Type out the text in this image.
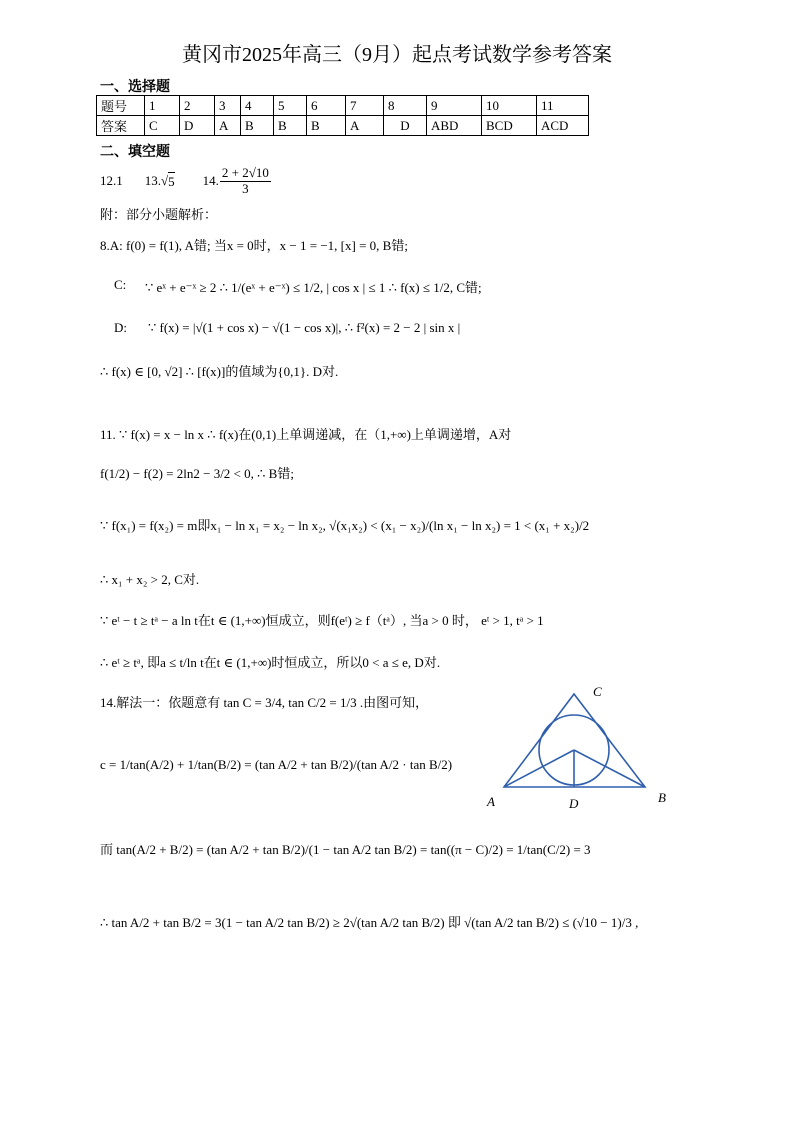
黄冈市2025年高三（9月）起点考试数学参考答案
一、选择题
题号	1	2	3	4	5	6	7	8	9	10	11
答案	C	D	A	B	B	B	A	D	ABD	BCD	ACD
二、填空题
12.1 13. √ 5 14. $\frac{2 + 2√10}{3}$
附：部分小题解析：
8.A: f(0) = f(1), A错; 当x = 0时，x − 1 = −1, [x] = 0, B错;
C: ∵ eˣ + e⁻ˣ ≥ 2 ∴ 1/(eˣ + e⁻ˣ) ≤ 1/2, | cos x | ≤ 1 ∴ f(x) ≤ 1/2, C错;
D: ∵ f(x) = |√(1 + cos x) − √(1 − cos x)|, ∴ f²(x) = 2 − 2 | sin x |
∴ f(x) ∈ [0, √2] ∴ [f(x)]的值域为{0,1}. D对.
11. ∵ f(x) = x − ln x ∴ f(x)在(0,1)上单调递减，在（1,+∞)上单调递增，A对
f(1/2) − f(2) = 2ln2 − 3/2 < 0, ∴ B错;
∵ f(x₁) = f(x₂) = m即x₁ − ln x₁ = x₂ − ln x₂, √(x₁x₂) < (x₁ − x₂)/(ln x₁ − ln x₂) = 1 < (x₁ + x₂)/2
∴ x₁ + x₂ > 2, C对.
∵ eᵗ − t ≥ tᵃ − a ln t在t ∈ (1,+∞)恒成立，则f(eᵗ) ≥ f（tᵃ）, 当a > 0 时， eᵗ > 1, tᵃ > 1
∴ eᵗ ≥ tᵃ, 即a ≤ t/ln t在t ∈ (1,+∞)时恒成立，所以0 < a ≤ e, D对.
14.解法一：依题意有 tan C = 3/4, tan C/2 = 1/3 .由图可知，
c = 1/tan(A/2) + 1/tan(B/2) = (tan A/2 + tan B/2)/(tan A/2 · tan B/2)
而 tan(A/2 + B/2) = (tan A/2 + tan B/2)/(1 − tan A/2 tan B/2) = tan((π − C)/2) = 1/tan(C/2) = 3
∴ tan A/2 + tan B/2 = 3(1 − tan A/2 tan B/2) ≥ 2√(tan A/2 tan B/2) 即 √(tan A/2 tan B/2) ≤ (√10 − 1)/3 ,
C
A	D	B
